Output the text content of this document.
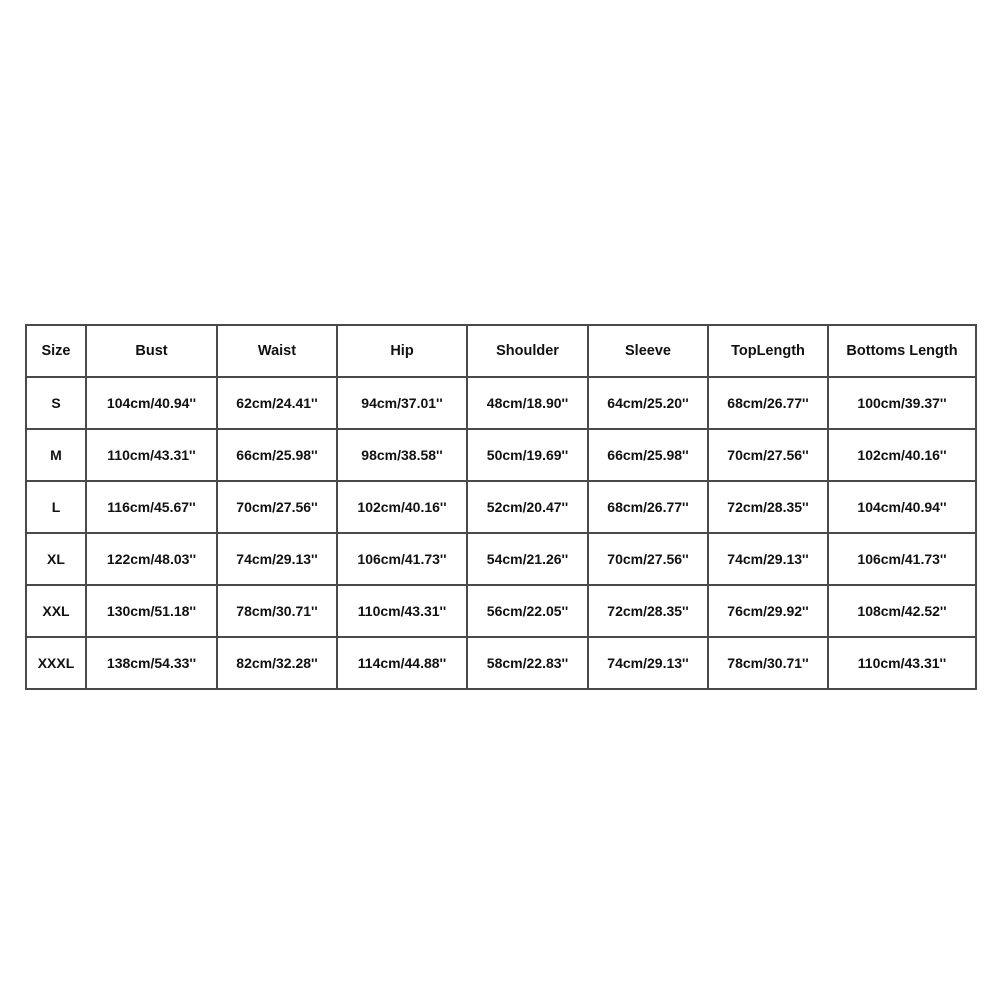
Size	Bust	Waist	Hip	Shoulder	Sleeve	TopLength	Bottoms Length
S	104cm/40.94''	62cm/24.41''	94cm/37.01''	48cm/18.90''	64cm/25.20''	68cm/26.77''	100cm/39.37''
M	110cm/43.31''	66cm/25.98''	98cm/38.58''	50cm/19.69''	66cm/25.98''	70cm/27.56''	102cm/40.16''
L	116cm/45.67''	70cm/27.56''	102cm/40.16''	52cm/20.47''	68cm/26.77''	72cm/28.35''	104cm/40.94''
XL	122cm/48.03''	74cm/29.13''	106cm/41.73''	54cm/21.26''	70cm/27.56''	74cm/29.13''	106cm/41.73''
XXL	130cm/51.18''	78cm/30.71''	110cm/43.31''	56cm/22.05''	72cm/28.35''	76cm/29.92''	108cm/42.52''
XXXL	138cm/54.33''	82cm/32.28''	114cm/44.88''	58cm/22.83''	74cm/29.13''	78cm/30.71''	110cm/43.31''
